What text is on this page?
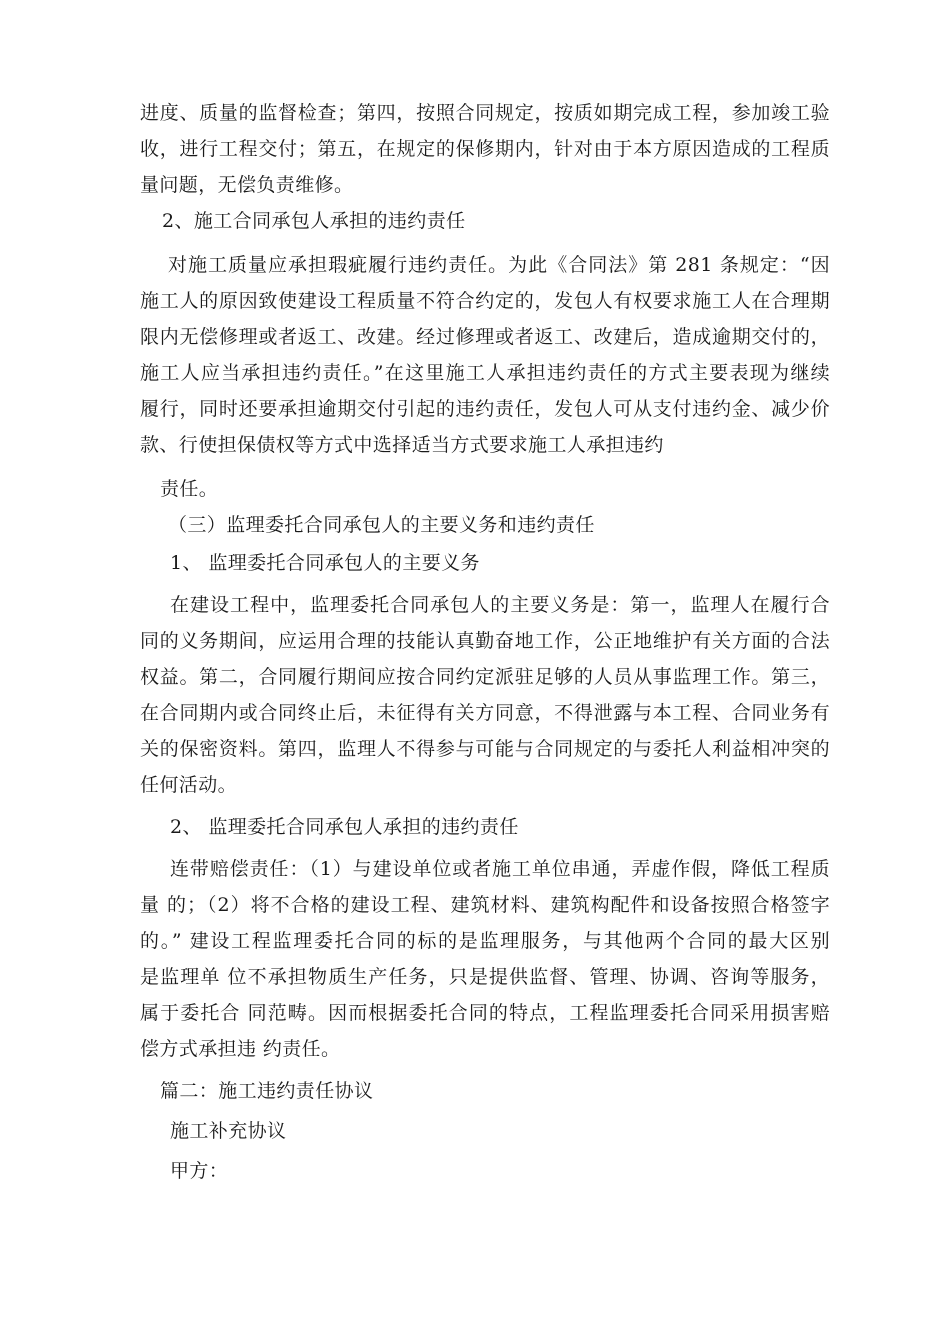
进度、质量的监督检查；第四，按照合同规定，按质如期完成工程，参加竣工验
收，进行工程交付；第五，在规定的保修期内，针对由于本方原因造成的工程质
量问题，无偿负责维修。
2、施工合同承包人承担的违约责任
对施工质量应承担瑕疵履行违约责任。为此《合同法》第 281 条规定：“因
施工人的原因致使建设工程质量不符合约定的，发包人有权要求施工人在合理期
限内无偿修理或者返工、改建。经过修理或者返工、改建后，造成逾期交付的，
施工人应当承担违约责任。”在这里施工人承担违约责任的方式主要表现为继续
履行，同时还要承担逾期交付引起的违约责任，发包人可从支付违约金、减少价
款、行使担保债权等方式中选择适当方式要求施工人承担违约
责任。
（三）监理委托合同承包人的主要义务和违约责任
1、 监理委托合同承包人的主要义务
在建设工程中，监理委托合同承包人的主要义务是：第一，监理人在履行合
同的义务期间，应运用合理的技能认真勤奋地工作，公正地维护有关方面的合法
权益。第二，合同履行期间应按合同约定派驻足够的人员从事监理工作。第三，
在合同期内或合同终止后，未征得有关方同意，不得泄露与本工程、合同业务有
关的保密资料。第四，监理人不得参与可能与合同规定的与委托人利益相冲突的
任何活动。
2、 监理委托合同承包人承担的违约责任
连带赔偿责任：（1）与建设单位或者施工单位串通，弄虚作假，降低工程质
量 的；（2）将不合格的建设工程、建筑材料、建筑构配件和设备按照合格签字
的。” 建设工程监理委托合同的标的是监理服务，与其他两个合同的最大区别
是监理单 位不承担物质生产任务，只是提供监督、管理、协调、咨询等服务，
属于委托合 同范畴。因而根据委托合同的特点，工程监理委托合同采用损害赔
偿方式承担违 约责任。
篇二：施工违约责任协议
施工补充协议
甲方：
